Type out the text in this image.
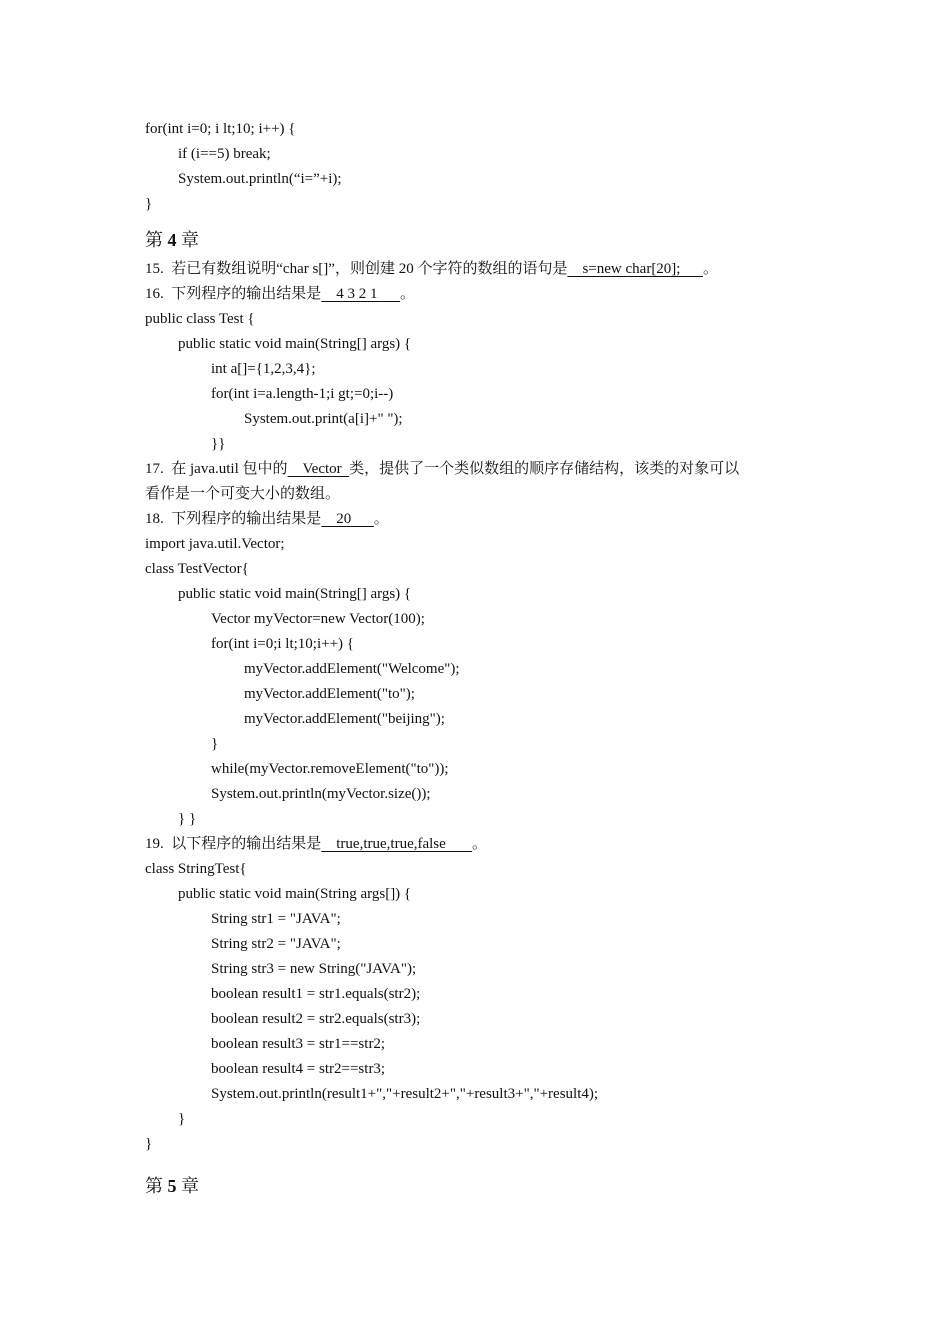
for(int i=0; i lt;10; i++) {
if (i==5) break;
System.out.println(“i=”+i);
}
第 4 章
15.  若已有数组说明“char s[]”，则创建 20 个字符的数组的语句是    s=new char[20];      。
16.  下列程序的输出结果是    4 3 2 1      。
public class Test {
public static void main(String[] args) {
int a[]={1,2,3,4};
for(int i=a.length-1;i gt;=0;i--)
System.out.print(a[i]+" ");
}}
17.  在 java.util 包中的    Vector  类，提供了一个类似数组的顺序存储结构，该类的对象可以
看作是一个可变大小的数组。
18.  下列程序的输出结果是    20      。
import java.util.Vector;
class TestVector{
public static void main(String[] args) {
Vector myVector=new Vector(100);
for(int i=0;i lt;10;i++) {
myVector.addElement("Welcome");
myVector.addElement("to");
myVector.addElement("beijing");
}
while(myVector.removeElement("to"));
System.out.println(myVector.size());
} }
19.  以下程序的输出结果是    true,true,true,false       。
class StringTest{
public static void main(String args[]) {
String str1 = "JAVA";
String str2 = "JAVA";
String str3 = new String("JAVA");
boolean result1 = str1.equals(str2);
boolean result2 = str2.equals(str3);
boolean result3 = str1==str2;
boolean result4 = str2==str3;
System.out.println(result1+","+result2+","+result3+","+result4);
}
}
第 5 章
